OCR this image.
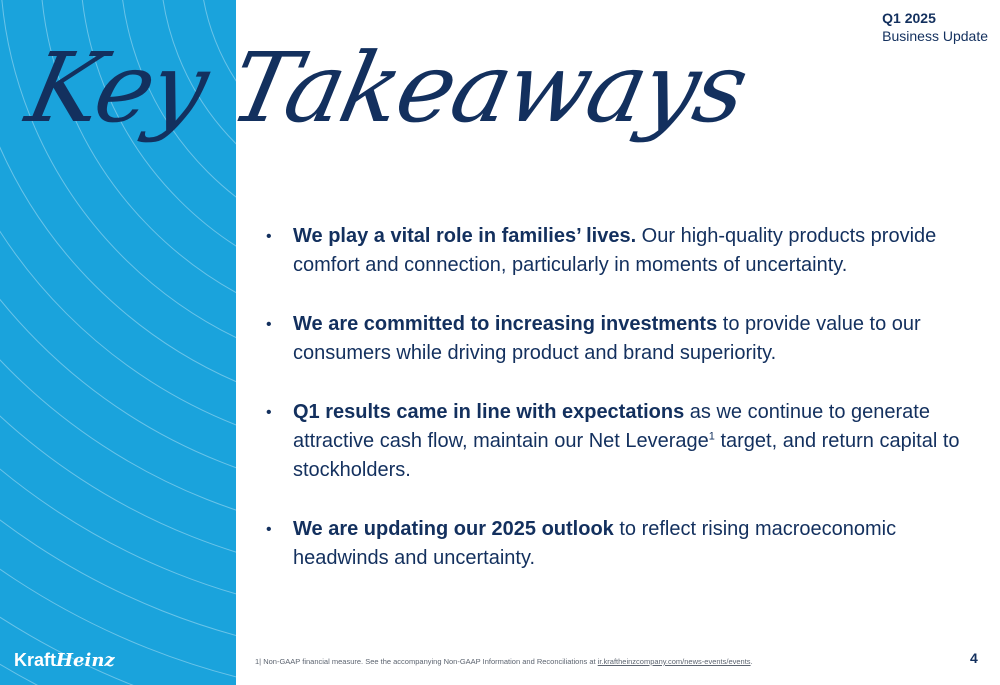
Q1 2025
Business Update
Key Takeaways
• We play a vital role in families’ lives. Our high-quality products provide comfort and connection, particularly in moments of uncertainty.
• We are committed to increasing investments to provide value to our consumers while driving product and brand superiority.
• Q1 results came in line with expectations as we continue to generate attractive cash flow, maintain our Net Leverage$^1$ target, and return capital to stockholders.
• We are updating our 2025 outlook to reflect rising macroeconomic headwinds and uncertainty.
KraftHeinz	1| Non-GAAP financial measure. See the accompanying Non-GAAP Information and Reconciliations at ir.kraftheinzcompany.com/news-events/events.	4
